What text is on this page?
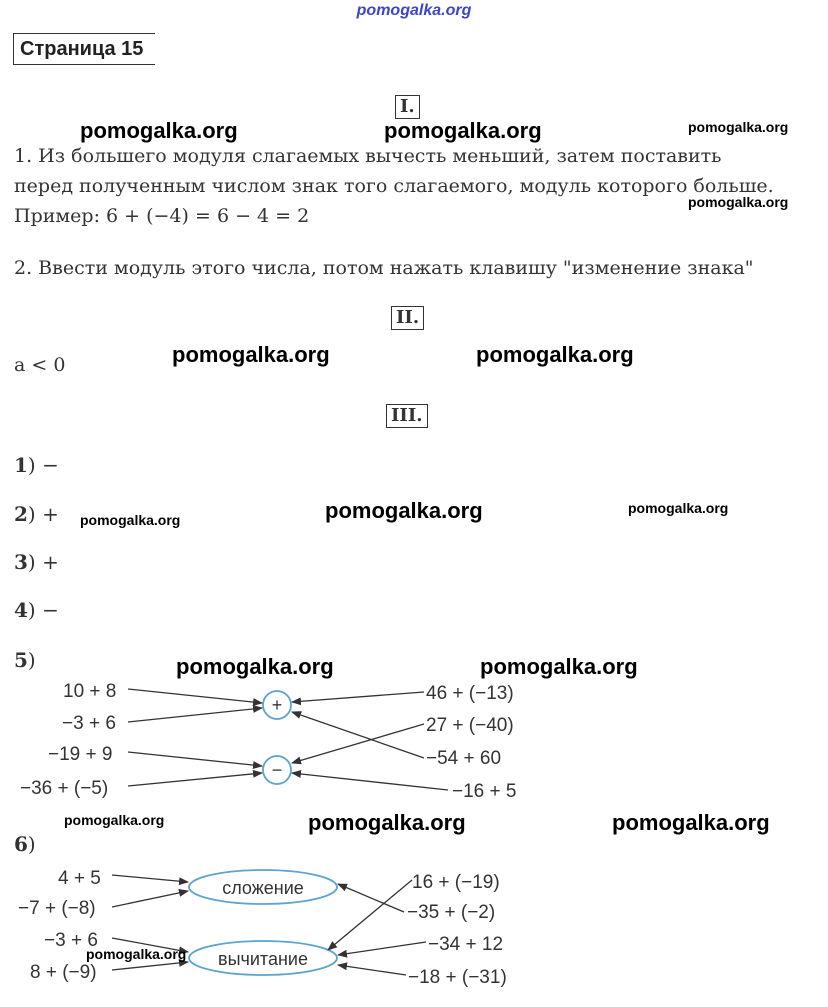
pomogalka.org
Страница 15
I.
pomogalka.org	pomogalka.org	pomogalka.org
1. Из большего модуля слагаемых вычесть меньший, затем поставить
перед полученным числом знак того слагаемого, модуль которого больше.
Пример: 6 + (−4) = 6 − 4 = 2
pomogalka.org
2. Ввести модуль этого числа, потом нажать клавишу "изменение знака"
II.
a < 0	pomogalka.org	pomogalka.org
III.
1) −
2) +
3) +
4) −
pomogalka.org	pomogalka.org	pomogalka.org
5)
10 + 8
−3 + 6
−19 + 9
−36 + (−5)
46 + (−13)
27 + (−40)
−54 + 60
−16 + 5
+
−
pomogalka.org	pomogalka.org
pomogalka.org	pomogalka.org	pomogalka.org
6)
4 + 5
−7 + (−8)
−3 + 6
8 + (−9)
16 + (−19)
−35 + (−2)
−34 + 12
−18 + (−31)
сложение
вычитание
pomogalka.org
